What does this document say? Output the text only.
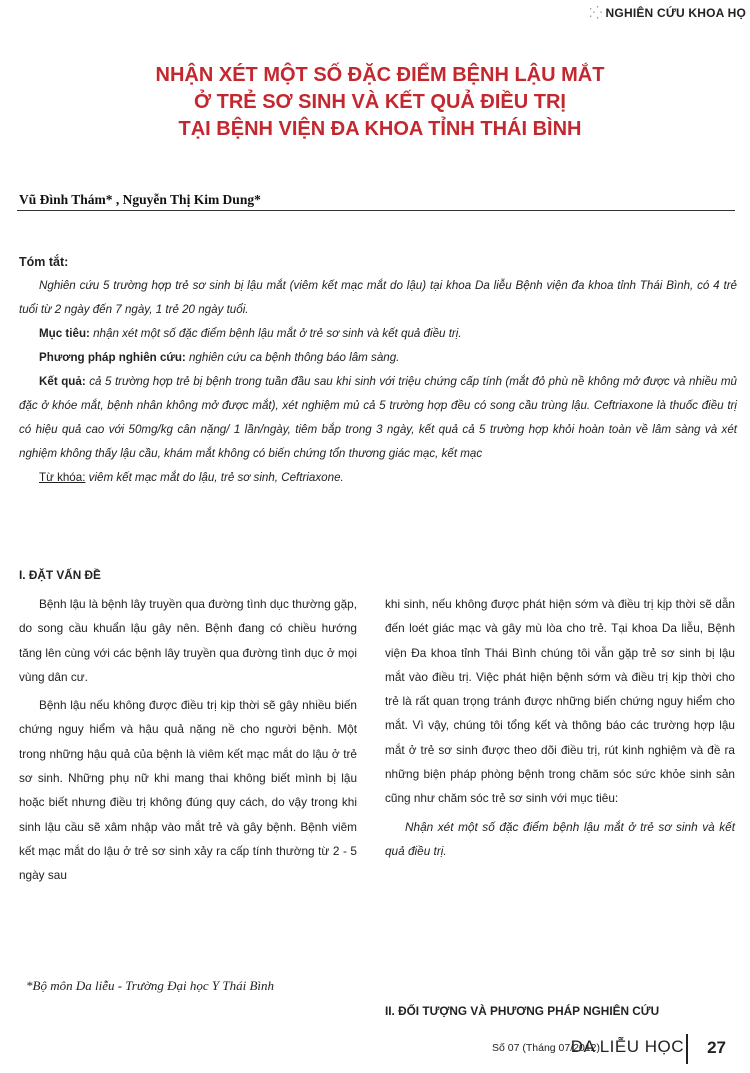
⁚⁛ NGHIÊN CỨU KHOA HỌ
NHẬN XÉT MỘT SỐ ĐẶC ĐIỂM BỆNH LẬU MẮT
Ở TRẺ SƠ SINH VÀ KẾT QUẢ ĐIỀU TRỊ
TẠI BỆNH VIỆN ĐA KHOA TỈNH THÁI BÌNH
Vũ Đình Thám* , Nguyễn Thị Kim Dung*
Tóm tắt:

Nghiên cứu 5 trường hợp trẻ sơ sinh bị lậu mắt (viêm kết mạc mắt do lậu) tại khoa Da liễu Bệnh viện đa khoa tỉnh Thái Bình, có 4 trẻ tuổi từ 2 ngày đến 7 ngày, 1 trẻ 20 ngày tuổi.

Mục tiêu: nhận xét một số đặc điểm bệnh lậu mắt ở trẻ sơ sinh và kết quả điều trị.

Phương pháp nghiên cứu: nghiên cứu ca bệnh thông báo lâm sàng.

Kết quả: cả 5 trường hợp trẻ bị bệnh trong tuần đầu sau khi sinh với triệu chứng cấp tính (mắt đỏ phù nề không mở được và nhiều mủ đặc ở khóe mắt, bệnh nhân không mở được mắt), xét nghiệm mủ cả 5 trường hợp đều có song cầu trùng lậu. Ceftriaxone là thuốc điều trị có hiệu quả cao với 50mg/kg cân nặng/ 1 lần/ngày, tiêm bắp trong 3 ngày, kết quả cả 5 trường hợp khỏi hoàn toàn về lâm sàng và xét nghiệm không thấy lậu cầu, khám mắt không có biến chứng tổn thương giác mạc, kết mạc

Từ khóa: viêm kết mạc mắt do lậu, trẻ sơ sinh, Ceftriaxone.

I. ĐẶT VẤN ĐỀ

Bệnh lậu là bệnh lây truyền qua đường tình dục thường gặp, do song cầu khuẩn lậu gây nên. Bệnh đang có chiều hướng tăng lên cùng với các bệnh lây truyền qua đường tình dục ở mọi vùng dân cư.

Bệnh lậu nếu không được điều trị kịp thời sẽ gây nhiều biến chứng nguy hiểm và hậu quả nặng nề cho người bệnh. Một trong những hậu quả của bệnh là viêm kết mạc mắt do lậu ở trẻ sơ sinh. Những phụ nữ khi mang thai không biết mình bị lậu hoặc biết nhưng điều trị không đúng quy cách, do vậy trong khi sinh lậu cầu sẽ xâm nhập vào mắt trẻ và gây bệnh. Bệnh viêm kết mạc mắt do lậu ở trẻ sơ sinh xảy ra cấp tính thường từ 2 - 5 ngày sau

khi sinh, nếu không được phát hiện sớm và điều trị kịp thời sẽ dẫn đến loét giác mạc và gây mù lòa cho trẻ. Tại khoa Da liễu, Bệnh viện Đa khoa tỉnh Thái Bình chúng tôi vẫn gặp trẻ sơ sinh bị lậu mắt vào điều trị. Việc phát hiện bệnh sớm và điều trị kịp thời cho trẻ là rất quan trọng tránh được những biến chứng nguy hiểm cho mắt. Vì vậy, chúng tôi tổng kết và thông báo các trường hợp lậu mắt ở trẻ sơ sinh được theo dõi điều trị, rút kinh nghiệm và đề ra những biện pháp phòng bệnh trong chăm sóc sức khỏe sinh sản cũng như chăm sóc trẻ sơ sinh với mục tiêu:

Nhận xét một số đặc điểm bệnh lậu mắt ở trẻ sơ sinh và kết quả điều trị.

II. ĐỐI TƯỢNG VÀ PHƯƠNG PHÁP NGHIÊN CỨU
*Bộ môn Da liễu - Trường Đại học Y Thái Bình
Số 07 (Tháng 07/2012)
DA LIỄU HỌC 27
